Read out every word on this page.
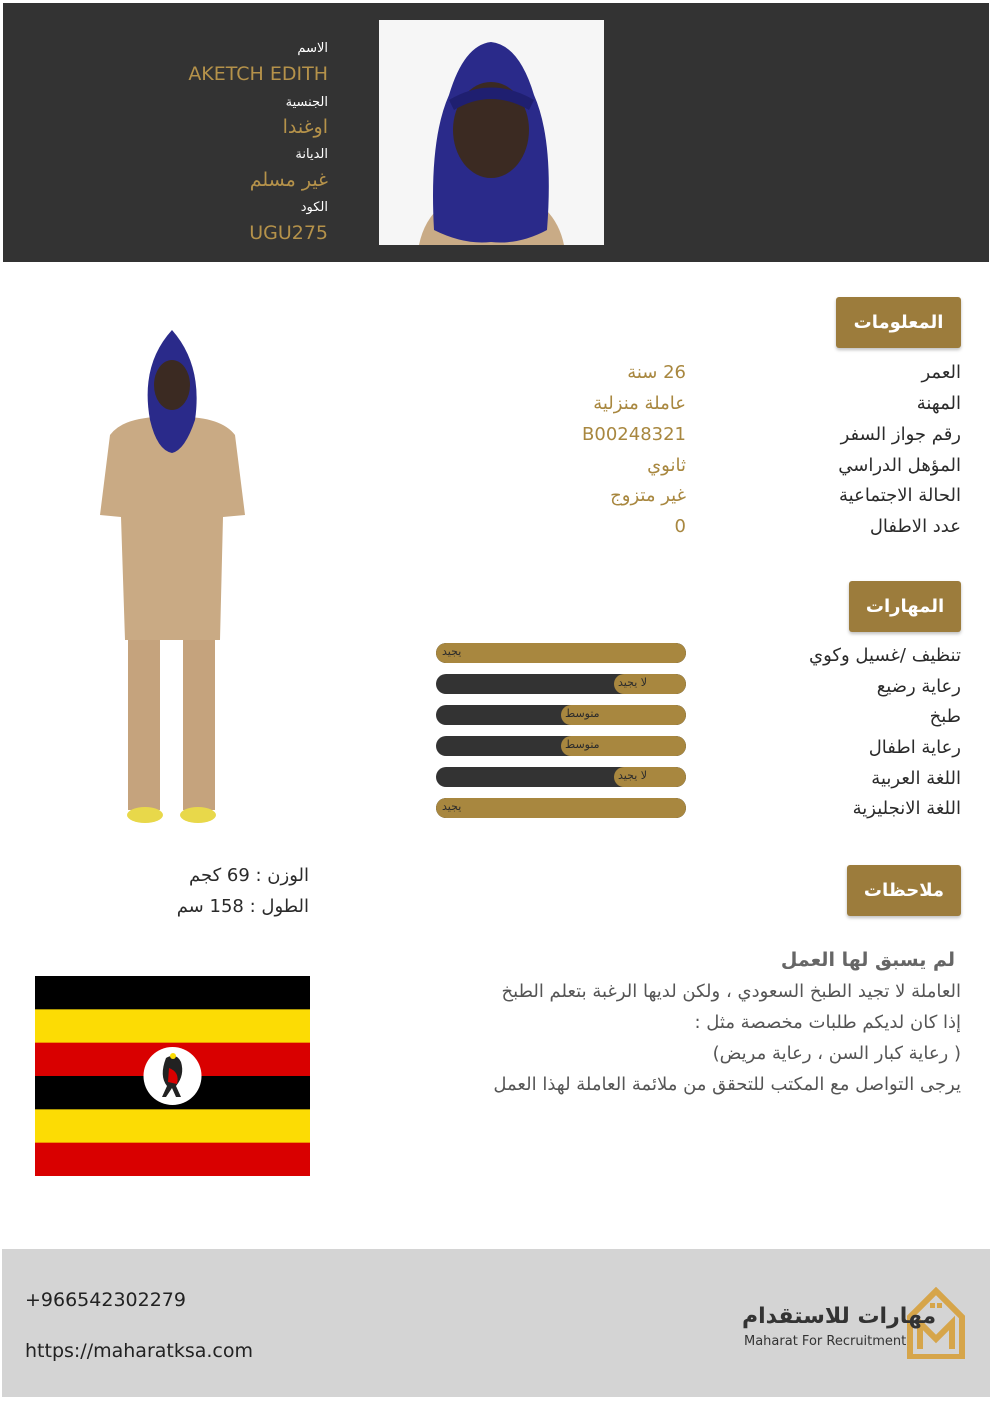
الاسم
AKETCH EDITH
الجنسية
اوغندا
الديانة
غير مسلم
الكود
UGU275
المعلومات
العمر
26 سنة
المهنة
عاملة منزلية
رقم جواز السفر
B00248321
المؤهل الدراسي
ثانوي
الحالة الاجتماعية
غير متزوج
عدد الاطفال
0
المهارات
تنظيف /غسيل وكوي
يجيد
رعاية رضيع
لا يجيد
طبخ
متوسط
رعاية اطفال
متوسط
اللغة العربية
لا يجيد
اللغة الانجليزية
يجيد
الوزن : 69 كجم
الطول : 158 سم
ملاحظات
لم يسبق لها العمل
العاملة لا تجيد الطبخ السعودي ، ولكن لديها الرغبة بتعلم الطبخ
إذا كان لديكم طلبات مخصصة مثل :
( رعاية كبار السن ، رعاية مريض)
يرجى التواصل مع المكتب للتحقق من ملائمة العاملة لهذا العمل
+966542302279
https://maharatksa.com
مهارات للاستقدام
Maharat For Recruitment
